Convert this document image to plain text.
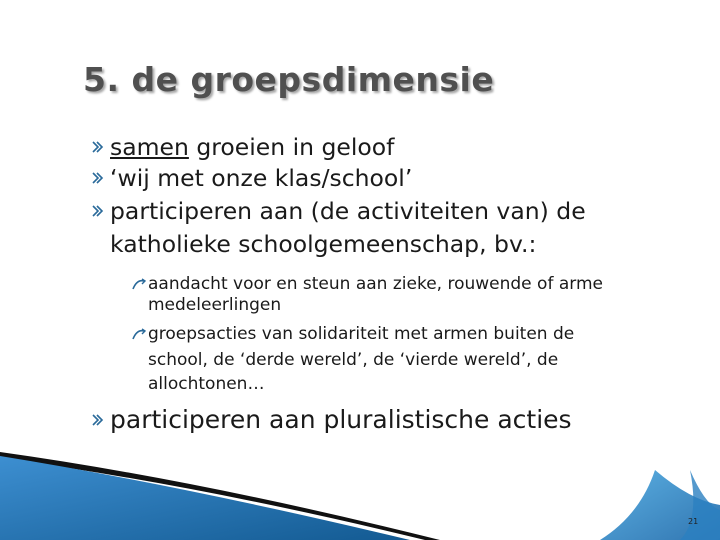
5. de groepsdimensie
samen groeien in geloof
‘wij met onze klas/school’
participeren aan (de activiteiten van) de
katholieke schoolgemeenschap, bv.:
aandacht voor en steun aan zieke, rouwende of arme
medeleerlingen
groepsacties van solidariteit met armen buiten de
school, de ‘derde wereld’, de ‘vierde wereld’, de
allochtonen…
participeren aan pluralistische acties
21
